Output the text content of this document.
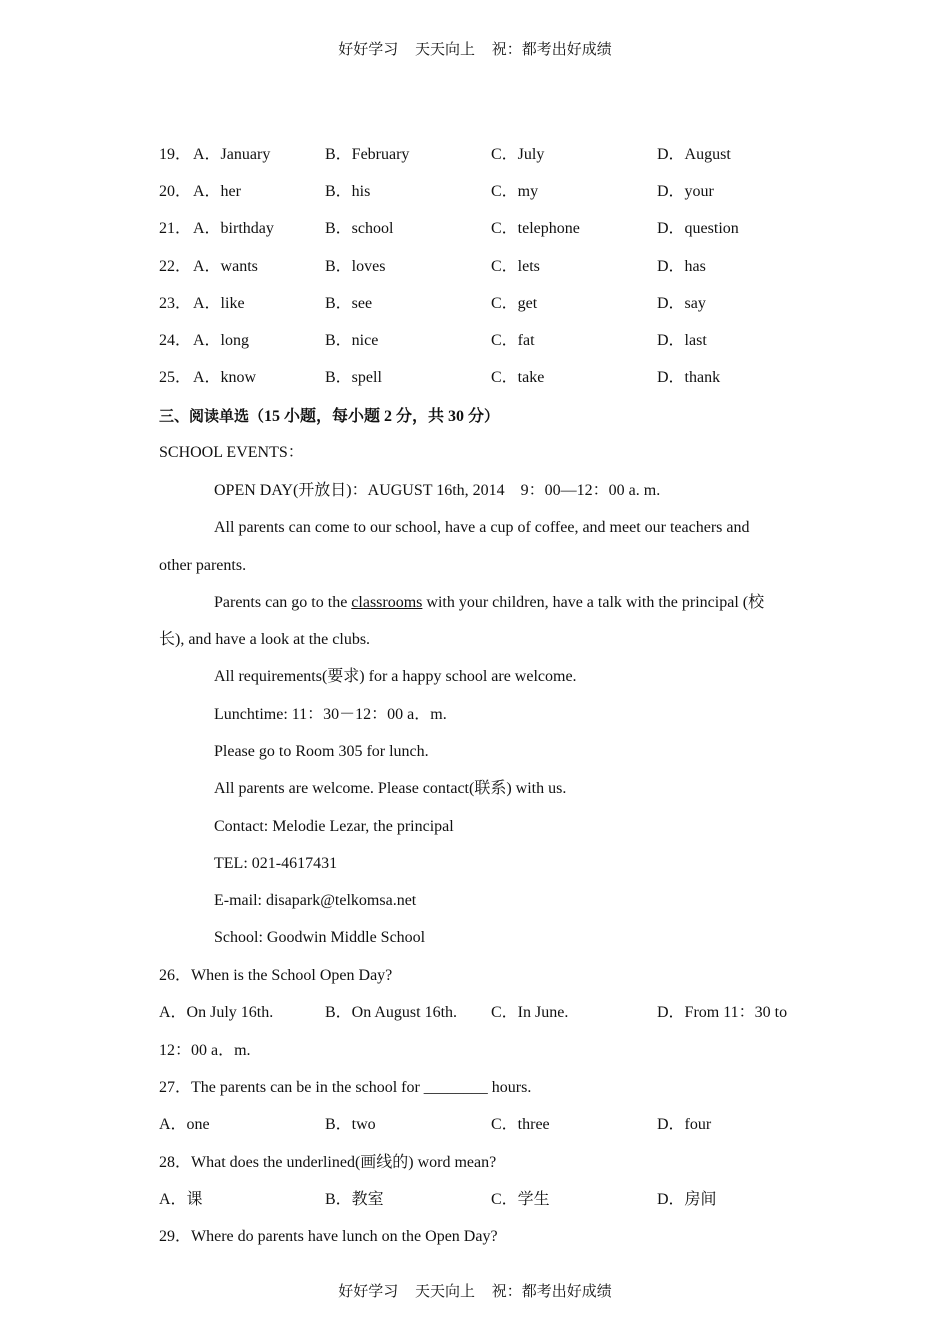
好好学习 天天向上 祝：都考出好成绩
19． A．January	B．February	C．July	D．August
20． A．her	B．his	C．my	D．your
21． A．birthday	B．school	C．telephone	D．question
22． A．wants	B．loves	C．lets	D．has
23． A．like	B．see	C．get	D．say
24． A．long	B．nice	C．fat	D．last
25． A．know	B．spell	C．take	D．thank
三、阅读单选（15 小题，每小题 2 分，共 30 分）
SCHOOL EVENTS：
OPEN DAY(开放日)：AUGUST 16th, 2014　9：00—12：00 a. m.
All parents can come to our school, have a cup of coffee, and meet our teachers and
other parents.
Parents can go to the classrooms with your children, have a talk with the principal (校
长), and have a look at the clubs.
All requirements(要求) for a happy school are welcome.
Lunchtime: 11：30－12：00 a．m.
Please go to Room 305 for lunch.
All parents are welcome. Please contact(联系) with us.
Contact: Melodie Lezar, the principal
TEL: 021-4617431
E-mail: disapark@telkomsa.net
School: Goodwin Middle School
26．When is the School Open Day?
A．On July 16th.	B．On August 16th. C．In June.	D．From 11：30 to
12：00 a．m.
27．The parents can be in the school for ________ hours.
A．one	B．two	C．three	D．four
28．What does the underlined(画线的) word mean?
A．课	B．教室	C．学生	D．房间
29．Where do parents have lunch on the Open Day?
好好学习 天天向上 祝：都考出好成绩
